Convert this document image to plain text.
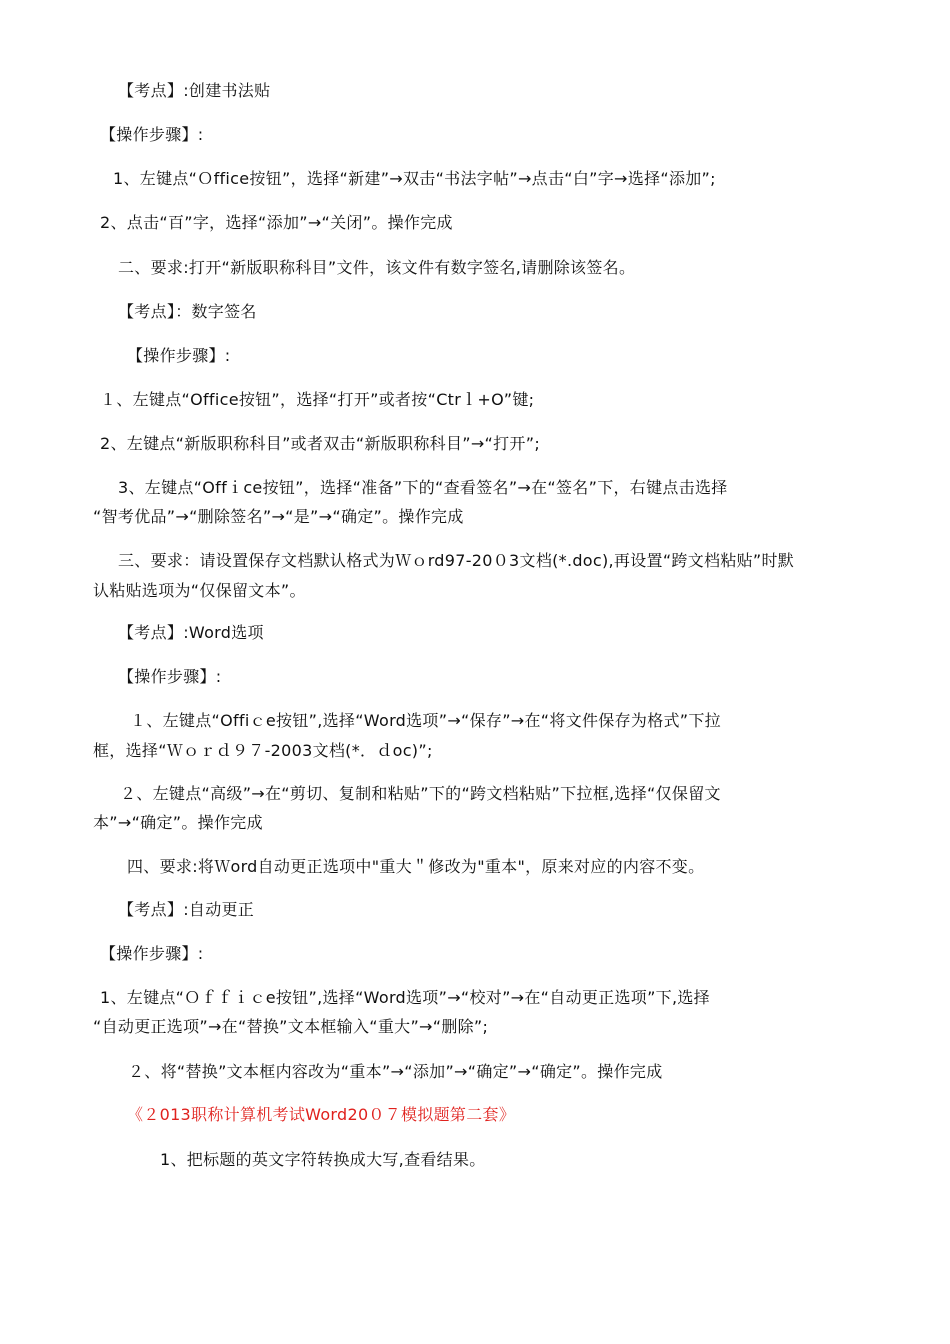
【考点】:创建书法贴
【操作步骤】:
1、左键点“Ｏffice按钮”，选择“新建”→双击“书法字帖”→点击“白”字→选择“添加”;
2、点击“百”字，选择“添加”→“关闭”。操作完成
二、要求:打开“新版职称科目”文件，该文件有数字签名,请删除该签名。
【考点】：数字签名
【操作步骤】:
１、左键点“Office按钮”，选择“打开”或者按“Ctrｌ+O”键;
2、左键点“新版职称科目”或者双击“新版职称科目”→“打开”;
3、左键点“Offｉce按钮”，选择“准备”下的“查看签名”→在“签名”下，右键点击选择
“智考优品”→“删除签名”→“是”→“确定”。操作完成
三、要求：请设置保存文档默认格式为Ｗｏrd97-20０3文档(*.doc),再设置“跨文档粘贴”时默
认粘贴选项为“仅保留文本”。
【考点】:Word选项
【操作步骤】:
１、左键点“Offiｃe按钮”,选择“Word选项”→“保存”→在“将文件保存为格式”下拉
框，选择“Ｗｏｒｄ９７-2003文档(*．ｄoc)”;
２、左键点“高级”→在“剪切、复制和粘贴”下的“跨文档粘贴”下拉框,选择“仅保留文
本”→“确定”。操作完成
四、要求:将Ｗord自动更正选项中"重大＂修改为"重本"，原来对应的内容不变。
【考点】:自动更正
【操作步骤】:
1、左键点“Ｏｆｆｉｃe按钮”,选择“Word选项”→“校对”→在“自动更正选项”下,选择
“自动更正选项”→在“替换”文本框输入“重大”→“删除”;
２、将“替换”文本框内容改为“重本”→“添加”→“确定”→“确定”。操作完成
《２013职称计算机考试Word20０７模拟题第二套》
1、把标题的英文字符转换成大写,查看结果。
